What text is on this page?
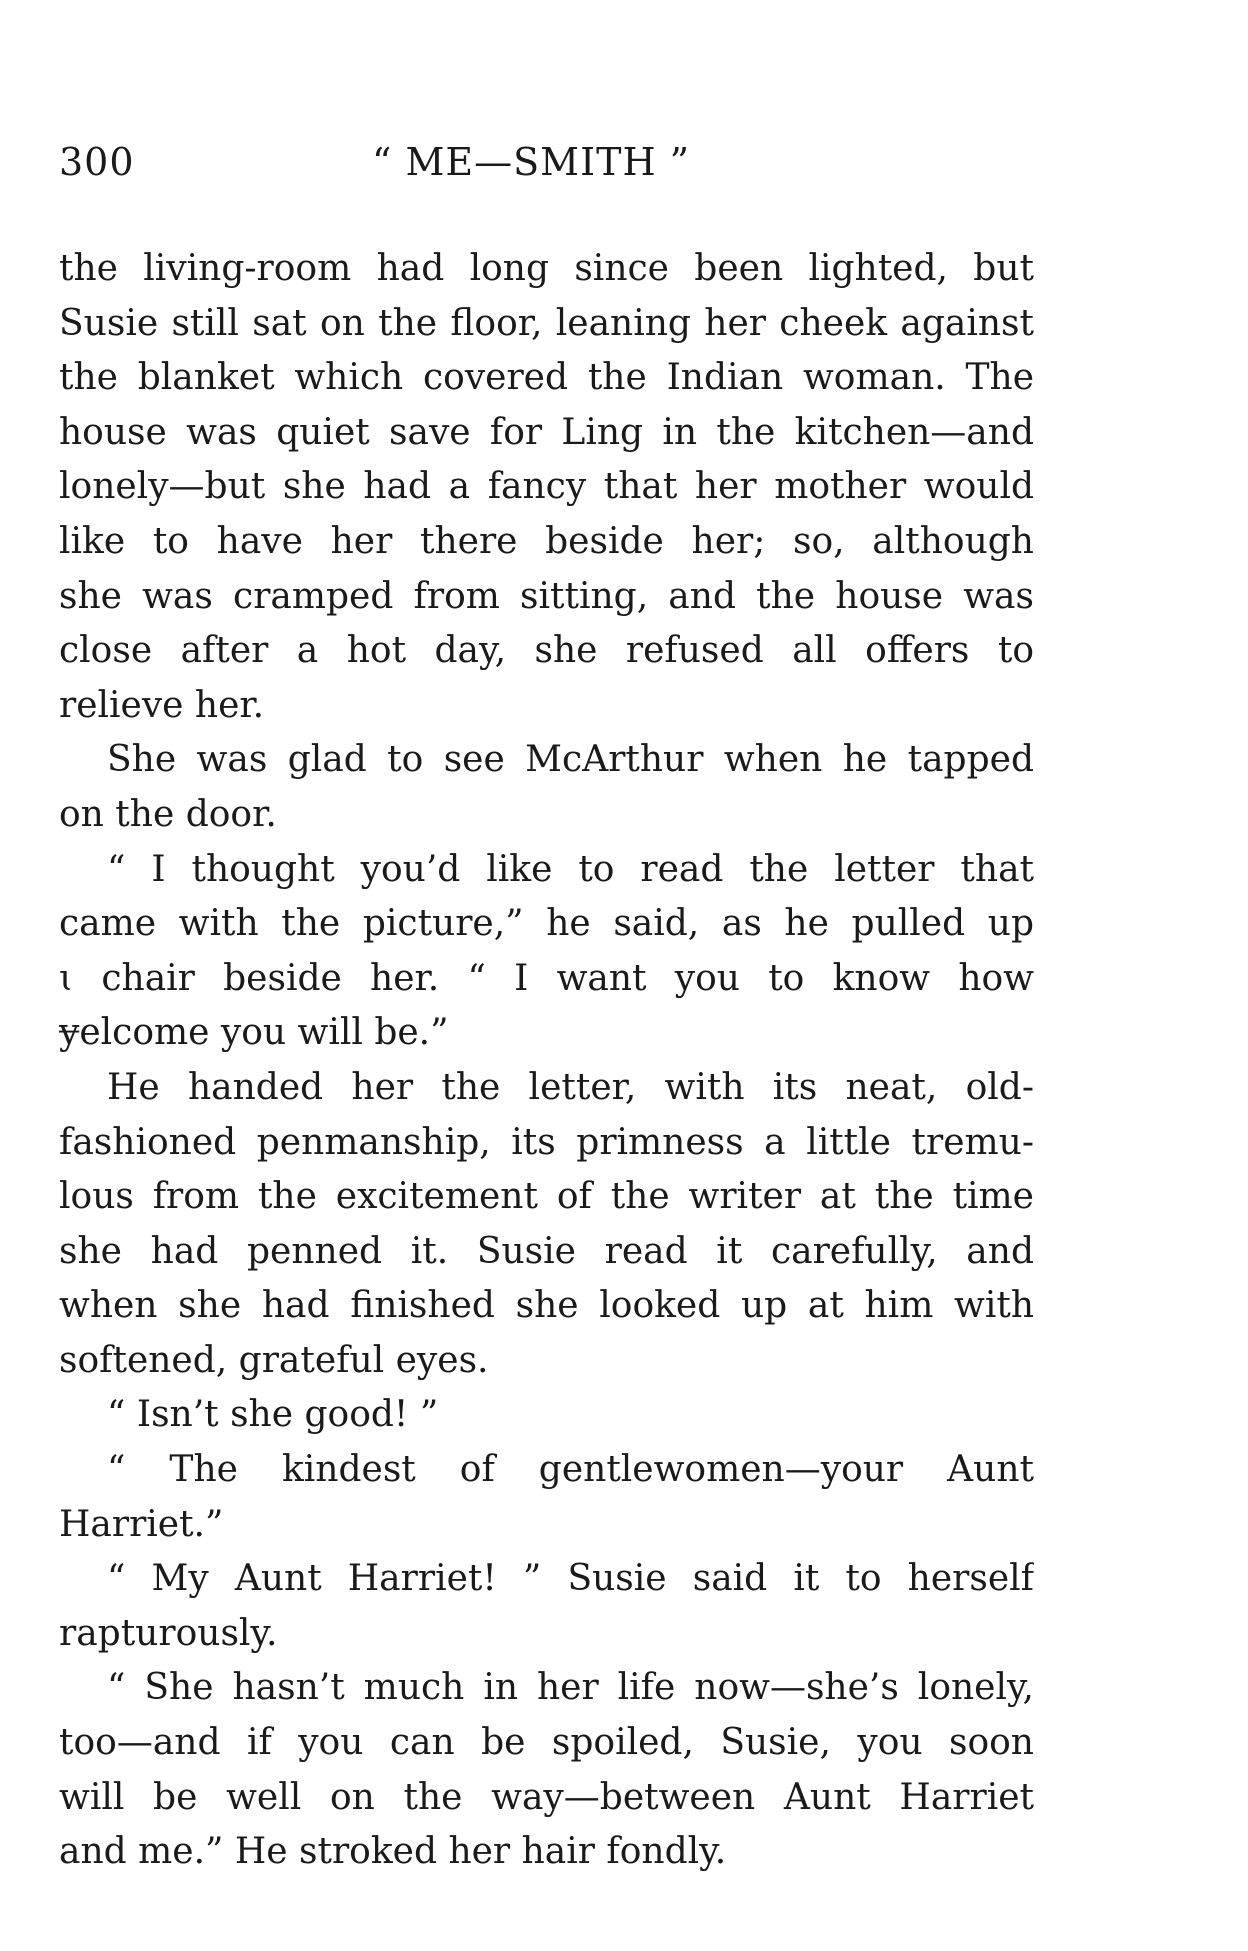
300	“ ME—SMITH ”
the living-room had long since been lighted, but
Susie still sat on the floor, leaning her cheek against
the blanket which covered the Indian woman. The
house was quiet save for Ling in the kitchen—and
lonely—but she had a fancy that her mother would
like to have her there beside her; so, although
she was cramped from sitting, and the house was
close after a hot day, she refused all offers to
relieve her.
She was glad to see McArthur when he tapped
on the door.
“ I thought you’d like to read the letter that
came with the picture,” he said, as he pulled up
ɩ chair beside her. “ I want you to know how
ɏelcome you will be.”
He handed her the letter, with its neat, old-
fashioned penmanship, its primness a little tremu-
lous from the excitement of the writer at the time
she had penned it. Susie read it carefully, and
when she had finished she looked up at him with
softened, grateful eyes.
“ Isn’t she good! ”
“ The kindest of gentlewomen—your Aunt
Harriet.”
“ My Aunt Harriet! ” Susie said it to herself
rapturously.
“ She hasn’t much in her life now—she’s lonely,
too—and if you can be spoiled, Susie, you soon
will be well on the way—between Aunt Harriet
and me.” He stroked her hair fondly.
